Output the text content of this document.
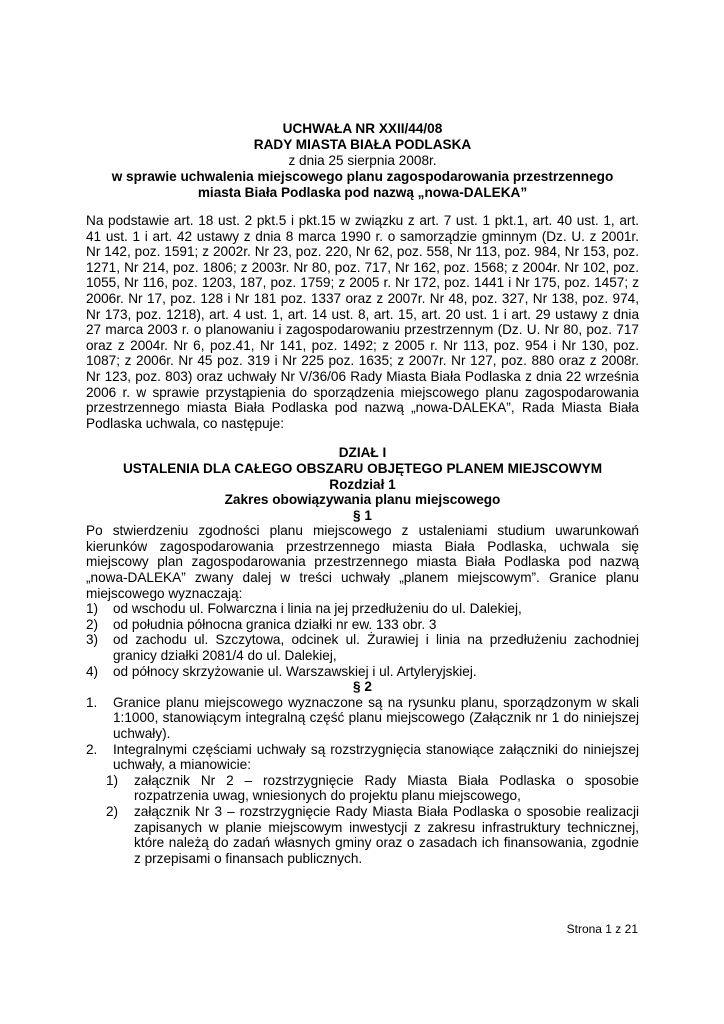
UCHWAŁA NR XXII/44/08
RADY MIASTA BIAŁA PODLASKA
z dnia 25 sierpnia 2008r.
w sprawie uchwalenia miejscowego planu zagospodarowania przestrzennego
miasta Biała Podlaska pod nazwą „nowa-DALEKA”

Na podstawie art. 18 ust. 2 pkt.5 i pkt.15 w związku z art. 7 ust. 1 pkt.1, art. 40 ust. 1, art. 41 ust. 1 i art. 42 ustawy z dnia 8 marca 1990 r. o samorządzie gminnym (Dz. U. z 2001r. Nr 142, poz. 1591; z 2002r. Nr 23, poz. 220, Nr 62, poz. 558, Nr 113, poz. 984, Nr 153, poz. 1271, Nr 214, poz. 1806; z 2003r. Nr 80, poz. 717, Nr 162, poz. 1568; z 2004r. Nr 102, poz. 1055, Nr 116, poz. 1203, 187, poz. 1759; z 2005 r. Nr 172, poz. 1441 i Nr 175, poz. 1457; z 2006r. Nr 17, poz. 128 i Nr 181 poz. 1337 oraz z 2007r. Nr 48, poz. 327, Nr 138, poz. 974, Nr 173, poz. 1218), art. 4 ust. 1, art. 14 ust. 8, art. 15, art. 20 ust. 1 i art. 29 ustawy z dnia 27 marca 2003 r. o planowaniu i zagospodarowaniu przestrzennym (Dz. U. Nr 80, poz. 717 oraz z 2004r. Nr 6, poz.41, Nr 141, poz. 1492; z 2005 r. Nr 113, poz. 954 i Nr 130, poz. 1087; z 2006r. Nr 45 poz. 319 i Nr 225 poz. 1635; z 2007r. Nr 127, poz. 880 oraz z 2008r. Nr 123, poz. 803) oraz uchwały Nr V/36/06 Rady Miasta Biała Podlaska z dnia 22 września 2006 r. w sprawie przystąpienia do sporządzenia miejscowego planu zagospodarowania przestrzennego miasta Biała Podlaska pod nazwą „nowa-DALEKA”, Rada Miasta Biała Podlaska uchwala, co następuje:

DZIAŁ I
USTALENIA DLA CAŁEGO OBSZARU OBJĘTEGO PLANEM MIEJSCOWYM
Rozdział 1
Zakres obowiązywania planu miejscowego
§ 1

Po stwierdzeniu zgodności planu miejscowego z ustaleniami studium uwarunkowań kierunków zagospodarowania przestrzennego miasta Biała Podlaska, uchwala się miejscowy plan zagospodarowania przestrzennego miasta Biała Podlaska pod nazwą „nowa-DALEKA” zwany dalej w treści uchwały „planem miejscowym”. Granice planu miejscowego wyznaczają:

1) od wschodu ul. Folwarczna i linia na jej przedłużeniu do ul. Dalekiej,
2) od południa północna granica działki nr ew. 133 obr. 3
3) od zachodu ul. Szczytowa, odcinek ul. Żurawiej i linia na przedłużeniu zachodniej granicy działki 2081/4 do ul. Dalekiej,
4) od północy skrzyżowanie ul. Warszawskiej i ul. Artyleryjskiej.
§ 2
1. Granice planu miejscowego wyznaczone są na rysunku planu, sporządzonym w skali 1:1000, stanowiącym integralną część planu miejscowego (Załącznik nr 1 do niniejszej uchwały).
2. Integralnymi częściami uchwały są rozstrzygnięcia stanowiące załączniki do niniejszej uchwały, a mianowicie:
1) załącznik Nr 2 – rozstrzygnięcie Rady Miasta Biała Podlaska o sposobie rozpatrzenia uwag, wniesionych do projektu planu miejscowego,
2) załącznik Nr 3 – rozstrzygnięcie Rady Miasta Biała Podlaska o sposobie realizacji zapisanych w planie miejscowym inwestycji z zakresu infrastruktury technicznej, które należą do zadań własnych gminy oraz o zasadach ich finansowania, zgodnie z przepisami o finansach publicznych.
Strona 1 z 21
